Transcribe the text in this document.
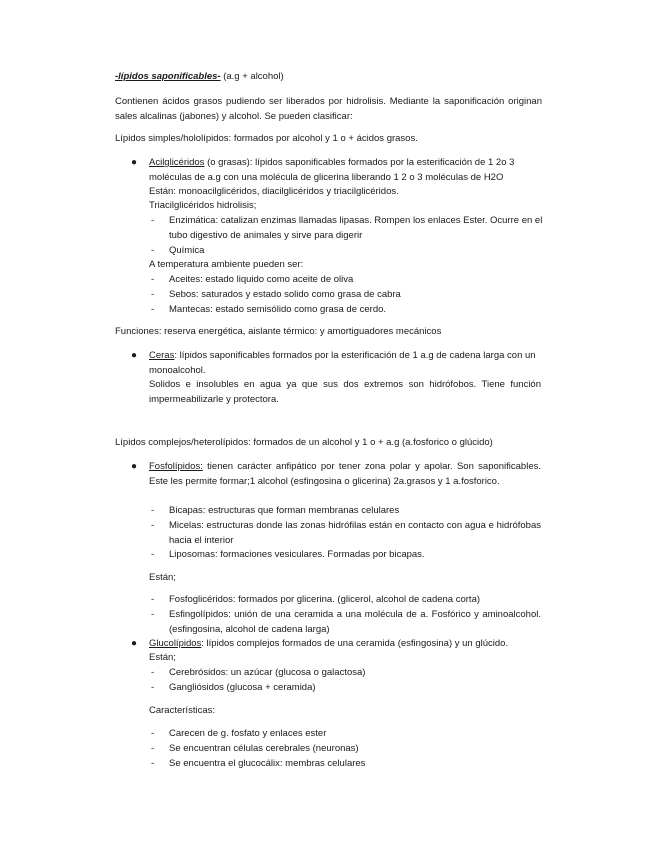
-lípidos saponificables- (a.g + alcohol)
Contienen ácidos grasos pudiendo ser liberados por hidrolisis. Mediante la saponificación originan sales alcalinas (jabones) y alcohol. Se pueden clasificar:
Lípidos simples/hololípidos: formados por alcohol y 1 o + ácidos grasos.
● Acilglicéridos (o grasas): lípidos saponificables formados por la esterificación de 1 2o 3 moléculas de a.g con una molécula de glicerina liberando 1 2 o 3 moléculas de H2O
Están: monoacilglicéridos, diacilglicéridos y triacilglicéridos.
Triacilglicéridos hidrolisis;
- Enzimática: catalizan enzimas llamadas lipasas. Rompen los enlaces Ester. Ocurre en el tubo digestivo de animales y sirve para digerir
- Química
A temperatura ambiente pueden ser:
- Aceites: estado liquido como aceite de oliva
- Sebos: saturados y estado solido como grasa de cabra
- Mantecas: estado semisólido como grasa de cerdo.
Funciones: reserva energética, aislante térmico: y amortiguadores mecánicos
● Ceras: lípidos saponificables formados por la esterificación de 1 a.g de cadena larga con un monoalcohol.
Solidos e insolubles en agua ya que sus dos extremos son hidrófobos. Tiene función impermeabilizarle y protectora.
Lípidos complejos/heterolípidos: formados de un alcohol y 1 o + a.g (a.fosforico o glúcido)
● Fosfolípidos: tienen carácter anfipático por tener zona polar y apolar. Son saponificables. Este les permite formar;1 alcohol (esfingosina o glicerina) 2a.grasos y 1 a.fosforico.
- Bicapas: estructuras que forman membranas celulares
- Micelas: estructuras donde las zonas hidrófilas están en contacto con agua e hidrófobas hacia el interior
- Liposomas: formaciones vesiculares. Formadas por bicapas.
Están;
- Fosfoglicéridos: formados por glicerina. (glicerol, alcohol de cadena corta)
- Esfingolípidos: unión de una ceramida a una molécula de a. Fosfórico y aminoalcohol. (esfingosina, alcohol de cadena larga)
● Glucolípidos: lípidos complejos formados de una ceramida (esfingosina) y un glúcido.
Están;
- Cerebrósidos: un azúcar (glucosa o galactosa)
- Gangliósidos (glucosa + ceramida)
Características:
- Carecen de g. fosfato y enlaces ester
- Se encuentran células cerebrales (neuronas)
- Se encuentra el glucocálix: membras celulares
